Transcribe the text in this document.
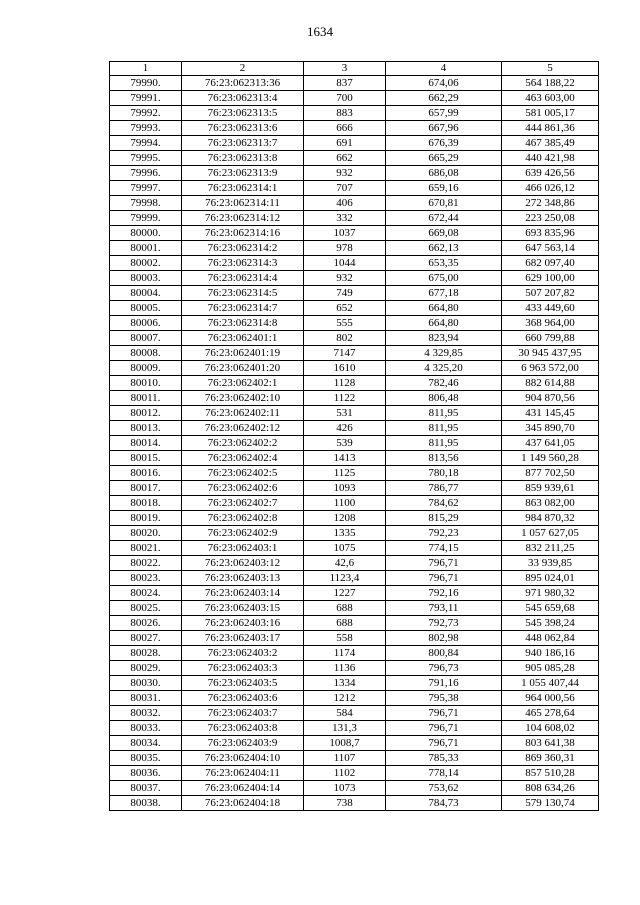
1634
1	2	3	4	5
79990.	76:23:062313:36	837	674,06	564 188,22
79991.	76:23:062313:4	700	662,29	463 603,00
79992.	76:23:062313:5	883	657,99	581 005,17
79993.	76:23:062313:6	666	667,96	444 861,36
79994.	76:23:062313:7	691	676,39	467 385,49
79995.	76:23:062313:8	662	665,29	440 421,98
79996.	76:23:062313:9	932	686,08	639 426,56
79997.	76:23:062314:1	707	659,16	466 026,12
79998.	76:23:062314:11	406	670,81	272 348,86
79999.	76:23:062314:12	332	672,44	223 250,08
80000.	76:23:062314:16	1037	669,08	693 835,96
80001.	76:23:062314:2	978	662,13	647 563,14
80002.	76:23:062314:3	1044	653,35	682 097,40
80003.	76:23:062314:4	932	675,00	629 100,00
80004.	76:23:062314:5	749	677,18	507 207,82
80005.	76:23:062314:7	652	664,80	433 449,60
80006.	76:23:062314:8	555	664,80	368 964,00
80007.	76:23:062401:1	802	823,94	660 799,88
80008.	76:23:062401:19	7147	4 329,85	30 945 437,95
80009.	76:23:062401:20	1610	4 325,20	6 963 572,00
80010.	76:23:062402:1	1128	782,46	882 614,88
80011.	76:23:062402:10	1122	806,48	904 870,56
80012.	76:23:062402:11	531	811,95	431 145,45
80013.	76:23:062402:12	426	811,95	345 890,70
80014.	76:23:062402:2	539	811,95	437 641,05
80015.	76:23:062402:4	1413	813,56	1 149 560,28
80016.	76:23:062402:5	1125	780,18	877 702,50
80017.	76:23:062402:6	1093	786,77	859 939,61
80018.	76:23:062402:7	1100	784,62	863 082,00
80019.	76:23:062402:8	1208	815,29	984 870,32
80020.	76:23:062402:9	1335	792,23	1 057 627,05
80021.	76:23:062403:1	1075	774,15	832 211,25
80022.	76:23:062403:12	42,6	796,71	33 939,85
80023.	76:23:062403:13	1123,4	796,71	895 024,01
80024.	76:23:062403:14	1227	792,16	971 980,32
80025.	76:23:062403:15	688	793,11	545 659,68
80026.	76:23:062403:16	688	792,73	545 398,24
80027.	76:23:062403:17	558	802,98	448 062,84
80028.	76:23:062403:2	1174	800,84	940 186,16
80029.	76:23:062403:3	1136	796,73	905 085,28
80030.	76:23:062403:5	1334	791,16	1 055 407,44
80031.	76:23:062403:6	1212	795,38	964 000,56
80032.	76:23:062403:7	584	796,71	465 278,64
80033.	76:23:062403:8	131,3	796,71	104 608,02
80034.	76:23:062403:9	1008,7	796,71	803 641,38
80035.	76:23:062404:10	1107	785,33	869 360,31
80036.	76:23:062404:11	1102	778,14	857 510,28
80037.	76:23:062404:14	1073	753,62	808 634,26
80038.	76:23:062404:18	738	784,73	579 130,74
